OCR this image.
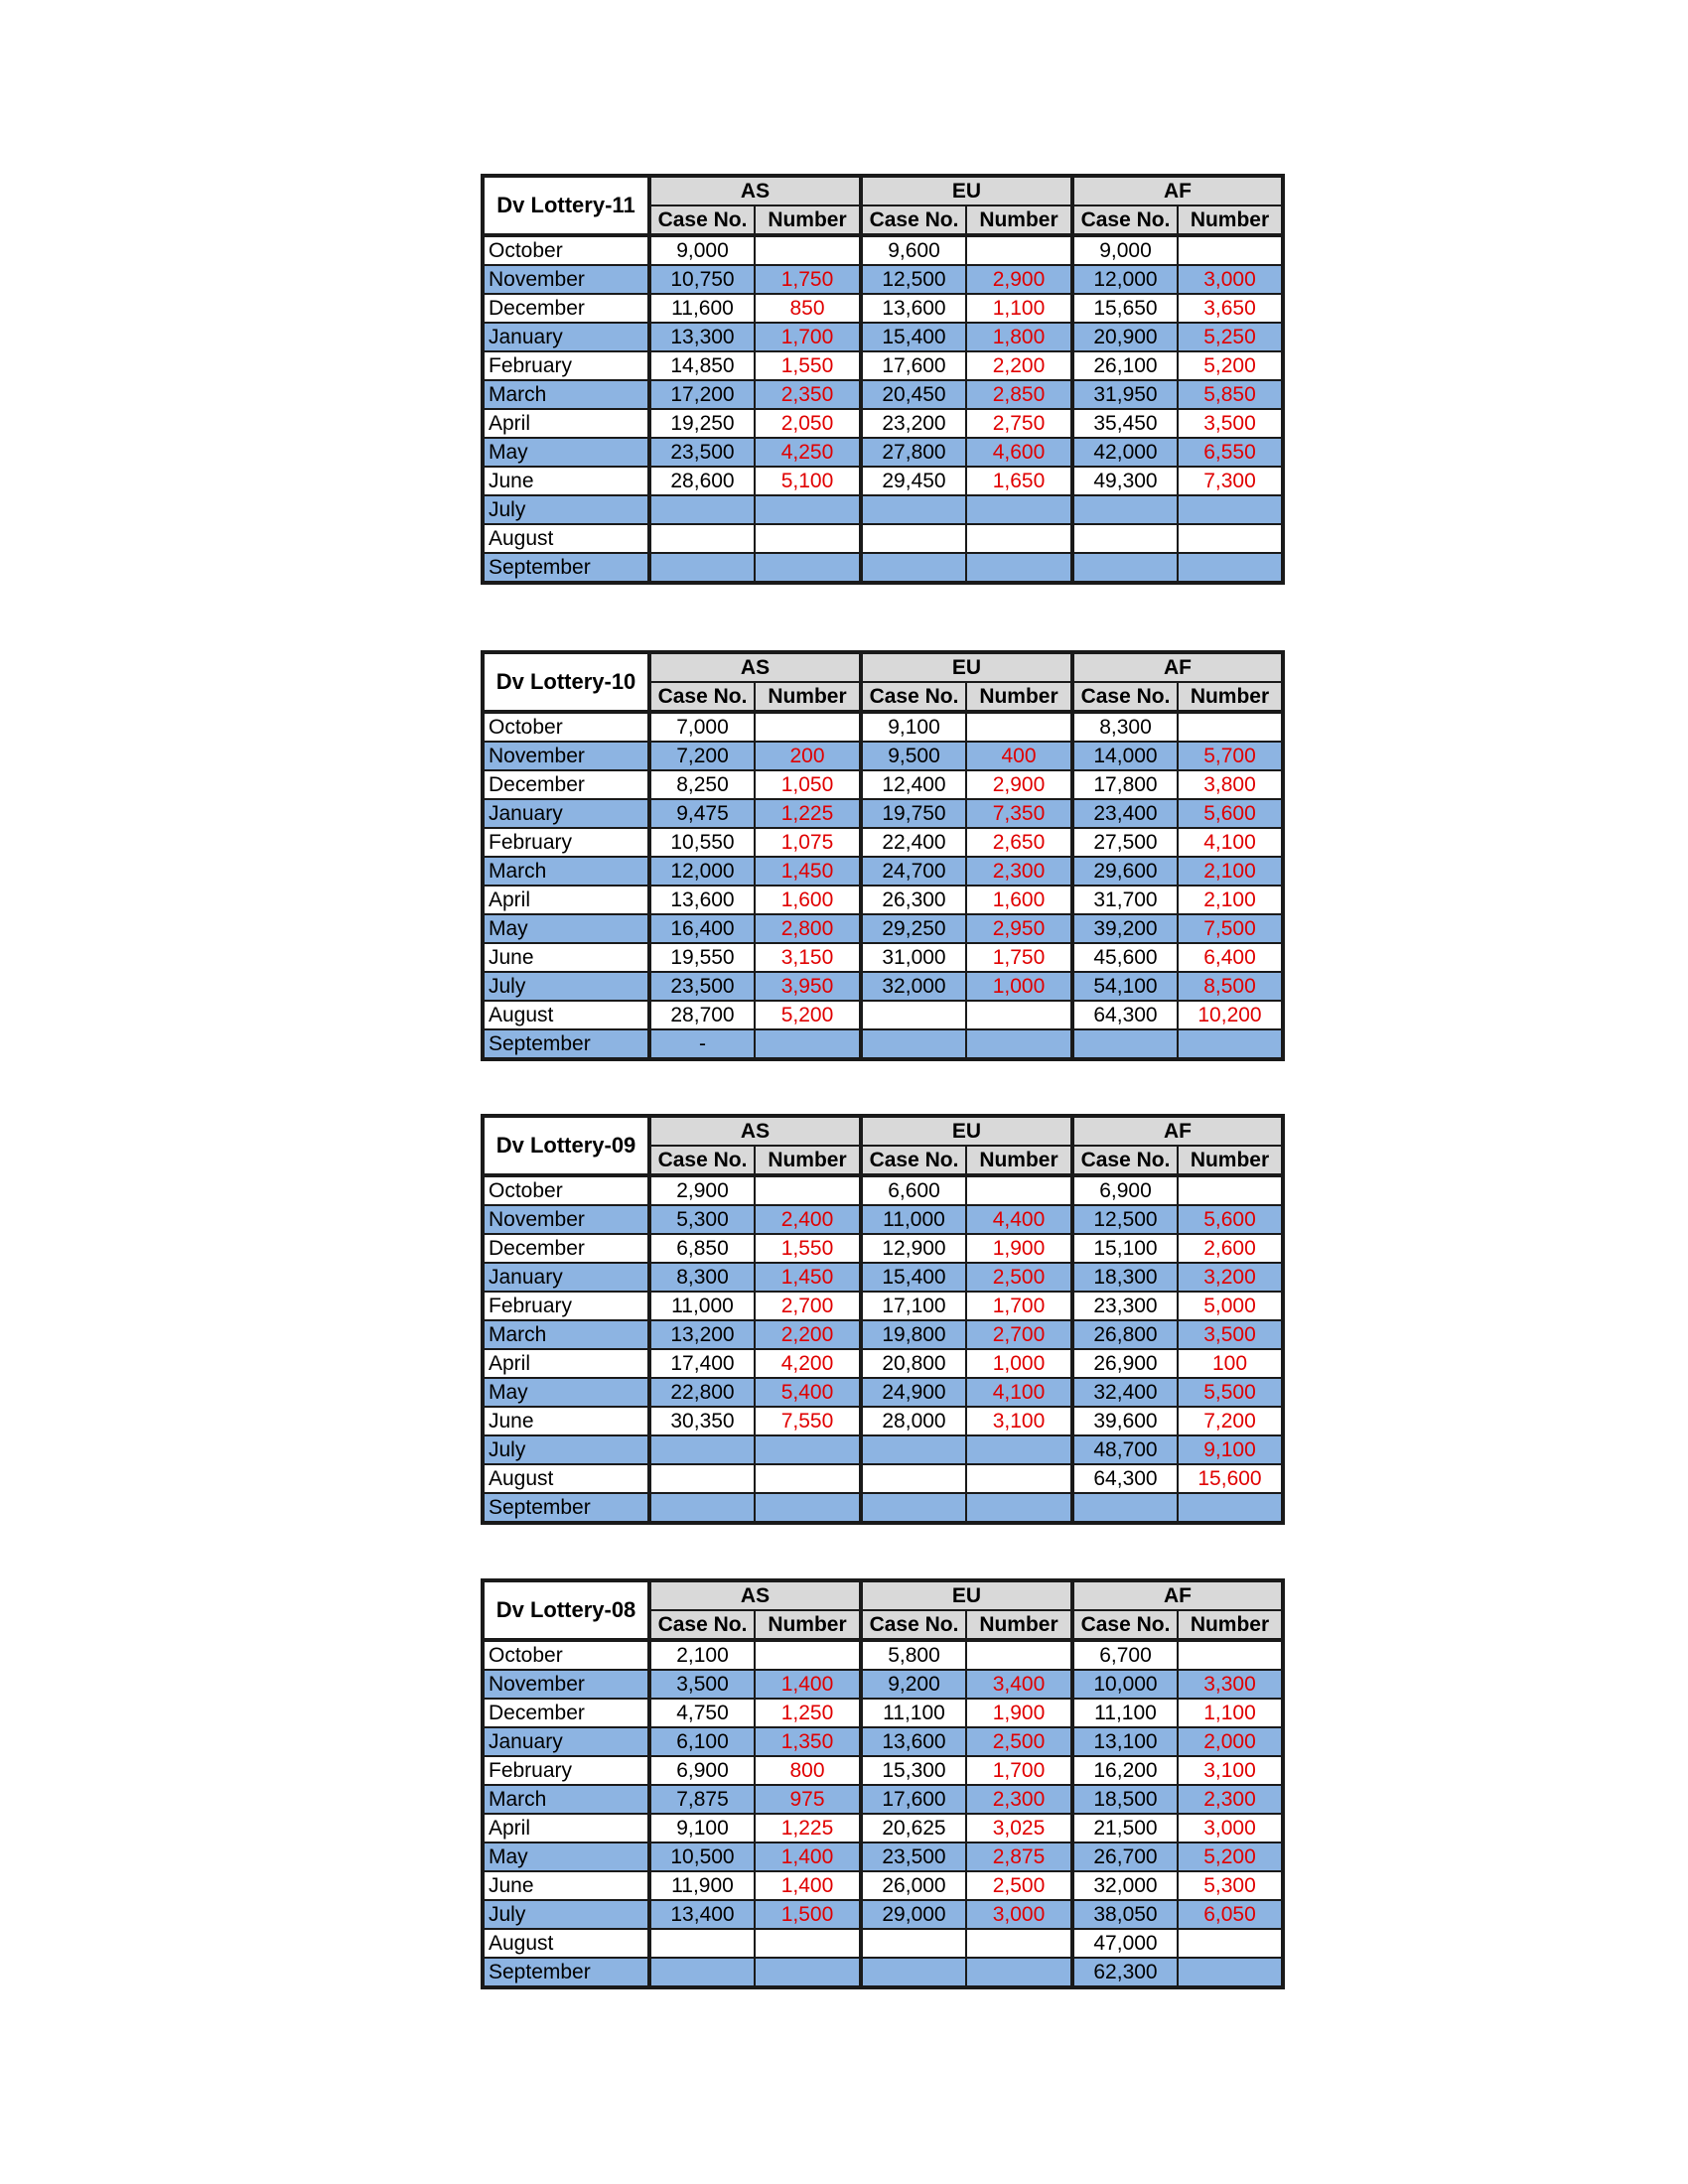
Dv Lottery-11	AS		EU		AF	
	Case No.	Number	Case No.	Number	Case No.	Number
October	9,000		9,600		9,000	
November	10,750	1,750	12,500	2,900	12,000	3,000
December	11,600	850	13,600	1,100	15,650	3,650
January	13,300	1,700	15,400	1,800	20,900	5,250
February	14,850	1,550	17,600	2,200	26,100	5,200
March	17,200	2,350	20,450	2,850	31,950	5,850
April	19,250	2,050	23,200	2,750	35,450	3,500
May	23,500	4,250	27,800	4,600	42,000	6,550
June	28,600	5,100	29,450	1,650	49,300	7,300
July						
August						
September						
Dv Lottery-10	AS		EU		AF	
	Case No.	Number	Case No.	Number	Case No.	Number
October	7,000		9,100		8,300	
November	7,200	200	9,500	400	14,000	5,700
December	8,250	1,050	12,400	2,900	17,800	3,800
January	9,475	1,225	19,750	7,350	23,400	5,600
February	10,550	1,075	22,400	2,650	27,500	4,100
March	12,000	1,450	24,700	2,300	29,600	2,100
April	13,600	1,600	26,300	1,600	31,700	2,100
May	16,400	2,800	29,250	2,950	39,200	7,500
June	19,550	3,150	31,000	1,750	45,600	6,400
July	23,500	3,950	32,000	1,000	54,100	8,500
August	28,700	5,200			64,300	10,200
September	-					
Dv Lottery-09	AS		EU		AF	
	Case No.	Number	Case No.	Number	Case No.	Number
October	2,900		6,600		6,900	
November	5,300	2,400	11,000	4,400	12,500	5,600
December	6,850	1,550	12,900	1,900	15,100	2,600
January	8,300	1,450	15,400	2,500	18,300	3,200
February	11,000	2,700	17,100	1,700	23,300	5,000
March	13,200	2,200	19,800	2,700	26,800	3,500
April	17,400	4,200	20,800	1,000	26,900	100
May	22,800	5,400	24,900	4,100	32,400	5,500
June	30,350	7,550	28,000	3,100	39,600	7,200
July					48,700	9,100
August					64,300	15,600
September						
Dv Lottery-08	AS		EU		AF	
	Case No.	Number	Case No.	Number	Case No.	Number
October	2,100		5,800		6,700	
November	3,500	1,400	9,200	3,400	10,000	3,300
December	4,750	1,250	11,100	1,900	11,100	1,100
January	6,100	1,350	13,600	2,500	13,100	2,000
February	6,900	800	15,300	1,700	16,200	3,100
March	7,875	975	17,600	2,300	18,500	2,300
April	9,100	1,225	20,625	3,025	21,500	3,000
May	10,500	1,400	23,500	2,875	26,700	5,200
June	11,900	1,400	26,000	2,500	32,000	5,300
July	13,400	1,500	29,000	3,000	38,050	6,050
August					47,000	
September					62,300	
